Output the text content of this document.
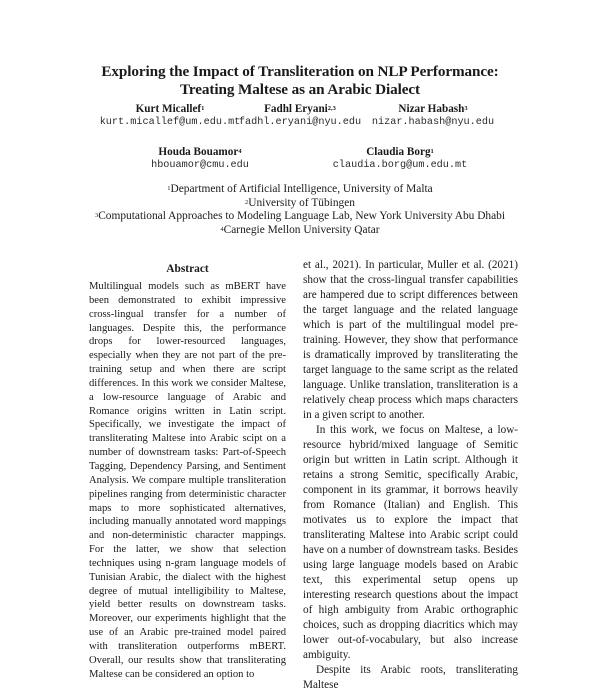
Exploring the Impact of Transliteration on NLP Performance:
Treating Maltese as an Arabic Dialect
Kurt Micallef$^1$
kurt.micallef@um.edu.mt
Fadhl Eryani$^{2,3}$
fadhl.eryani@nyu.edu
Nizar Habash$^3$
nizar.habash@nyu.edu
Houda Bouamor$^4$
hbouamor@cmu.edu
Claudia Borg$^1$
claudia.borg@um.edu.mt
$^1$Department of Artificial Intelligence, University of Malta
$^2$University of Tübingen
$^3$Computational Approaches to Modeling Language Lab, New York University Abu Dhabi
$^4$Carnegie Mellon University Qatar
Abstract

Multilingual models such as mBERT have been demonstrated to exhibit impressive cross-lingual transfer for a number of languages. Despite this, the performance drops for lower-resourced languages, especially when they are not part of the pre-training setup and when there are script differences. In this work we consider Maltese, a low-resource language of Arabic and Romance origins written in Latin script. Specifically, we investigate the impact of transliterating Maltese into Arabic scipt on a number of downstream tasks: Part-of-Speech Tagging, Dependency Parsing, and Sentiment Analysis. We compare multiple transliteration pipelines ranging from deterministic character maps to more sophisticated alternatives, including manually annotated word mappings and non-deterministic character mappings. For the latter, we show that selection techniques using n-gram language models of Tunisian Arabic, the dialect with the highest degree of mutual intelligibility to Maltese, yield better results on downstream tasks. Moreover, our experiments highlight that the use of an Arabic pre-trained model paired with transliteration outperforms mBERT. Overall, our results show that transliterating Maltese can be considered an option to

et al., 2021). In particular, Muller et al. (2021) show that the cross-lingual transfer capabilities are hampered due to script differences between the target language and the related language which is part of the multilingual model pre-training. However, they show that performance is dramatically improved by transliterating the target language to the same script as the related language. Unlike translation, transliteration is a relatively cheap process which maps characters in a given script to another.

In this work, we focus on Maltese, a low-resource hybrid/mixed language of Semitic origin but written in Latin script. Although it retains a strong Semitic, specifically Arabic, component in its grammar, it borrows heavily from Romance (Italian) and English. This motivates us to explore the impact that transliterating Maltese into Arabic script could have on a number of downstream tasks. Besides using large language models based on Arabic text, this experimental setup opens up interesting research questions about the impact of high ambiguity from Arabic orthographic choices, such as dropping diacritics which may lower out-of-vocabulary, but also increase ambiguity.

Despite its Arabic roots, transliterating Maltese
